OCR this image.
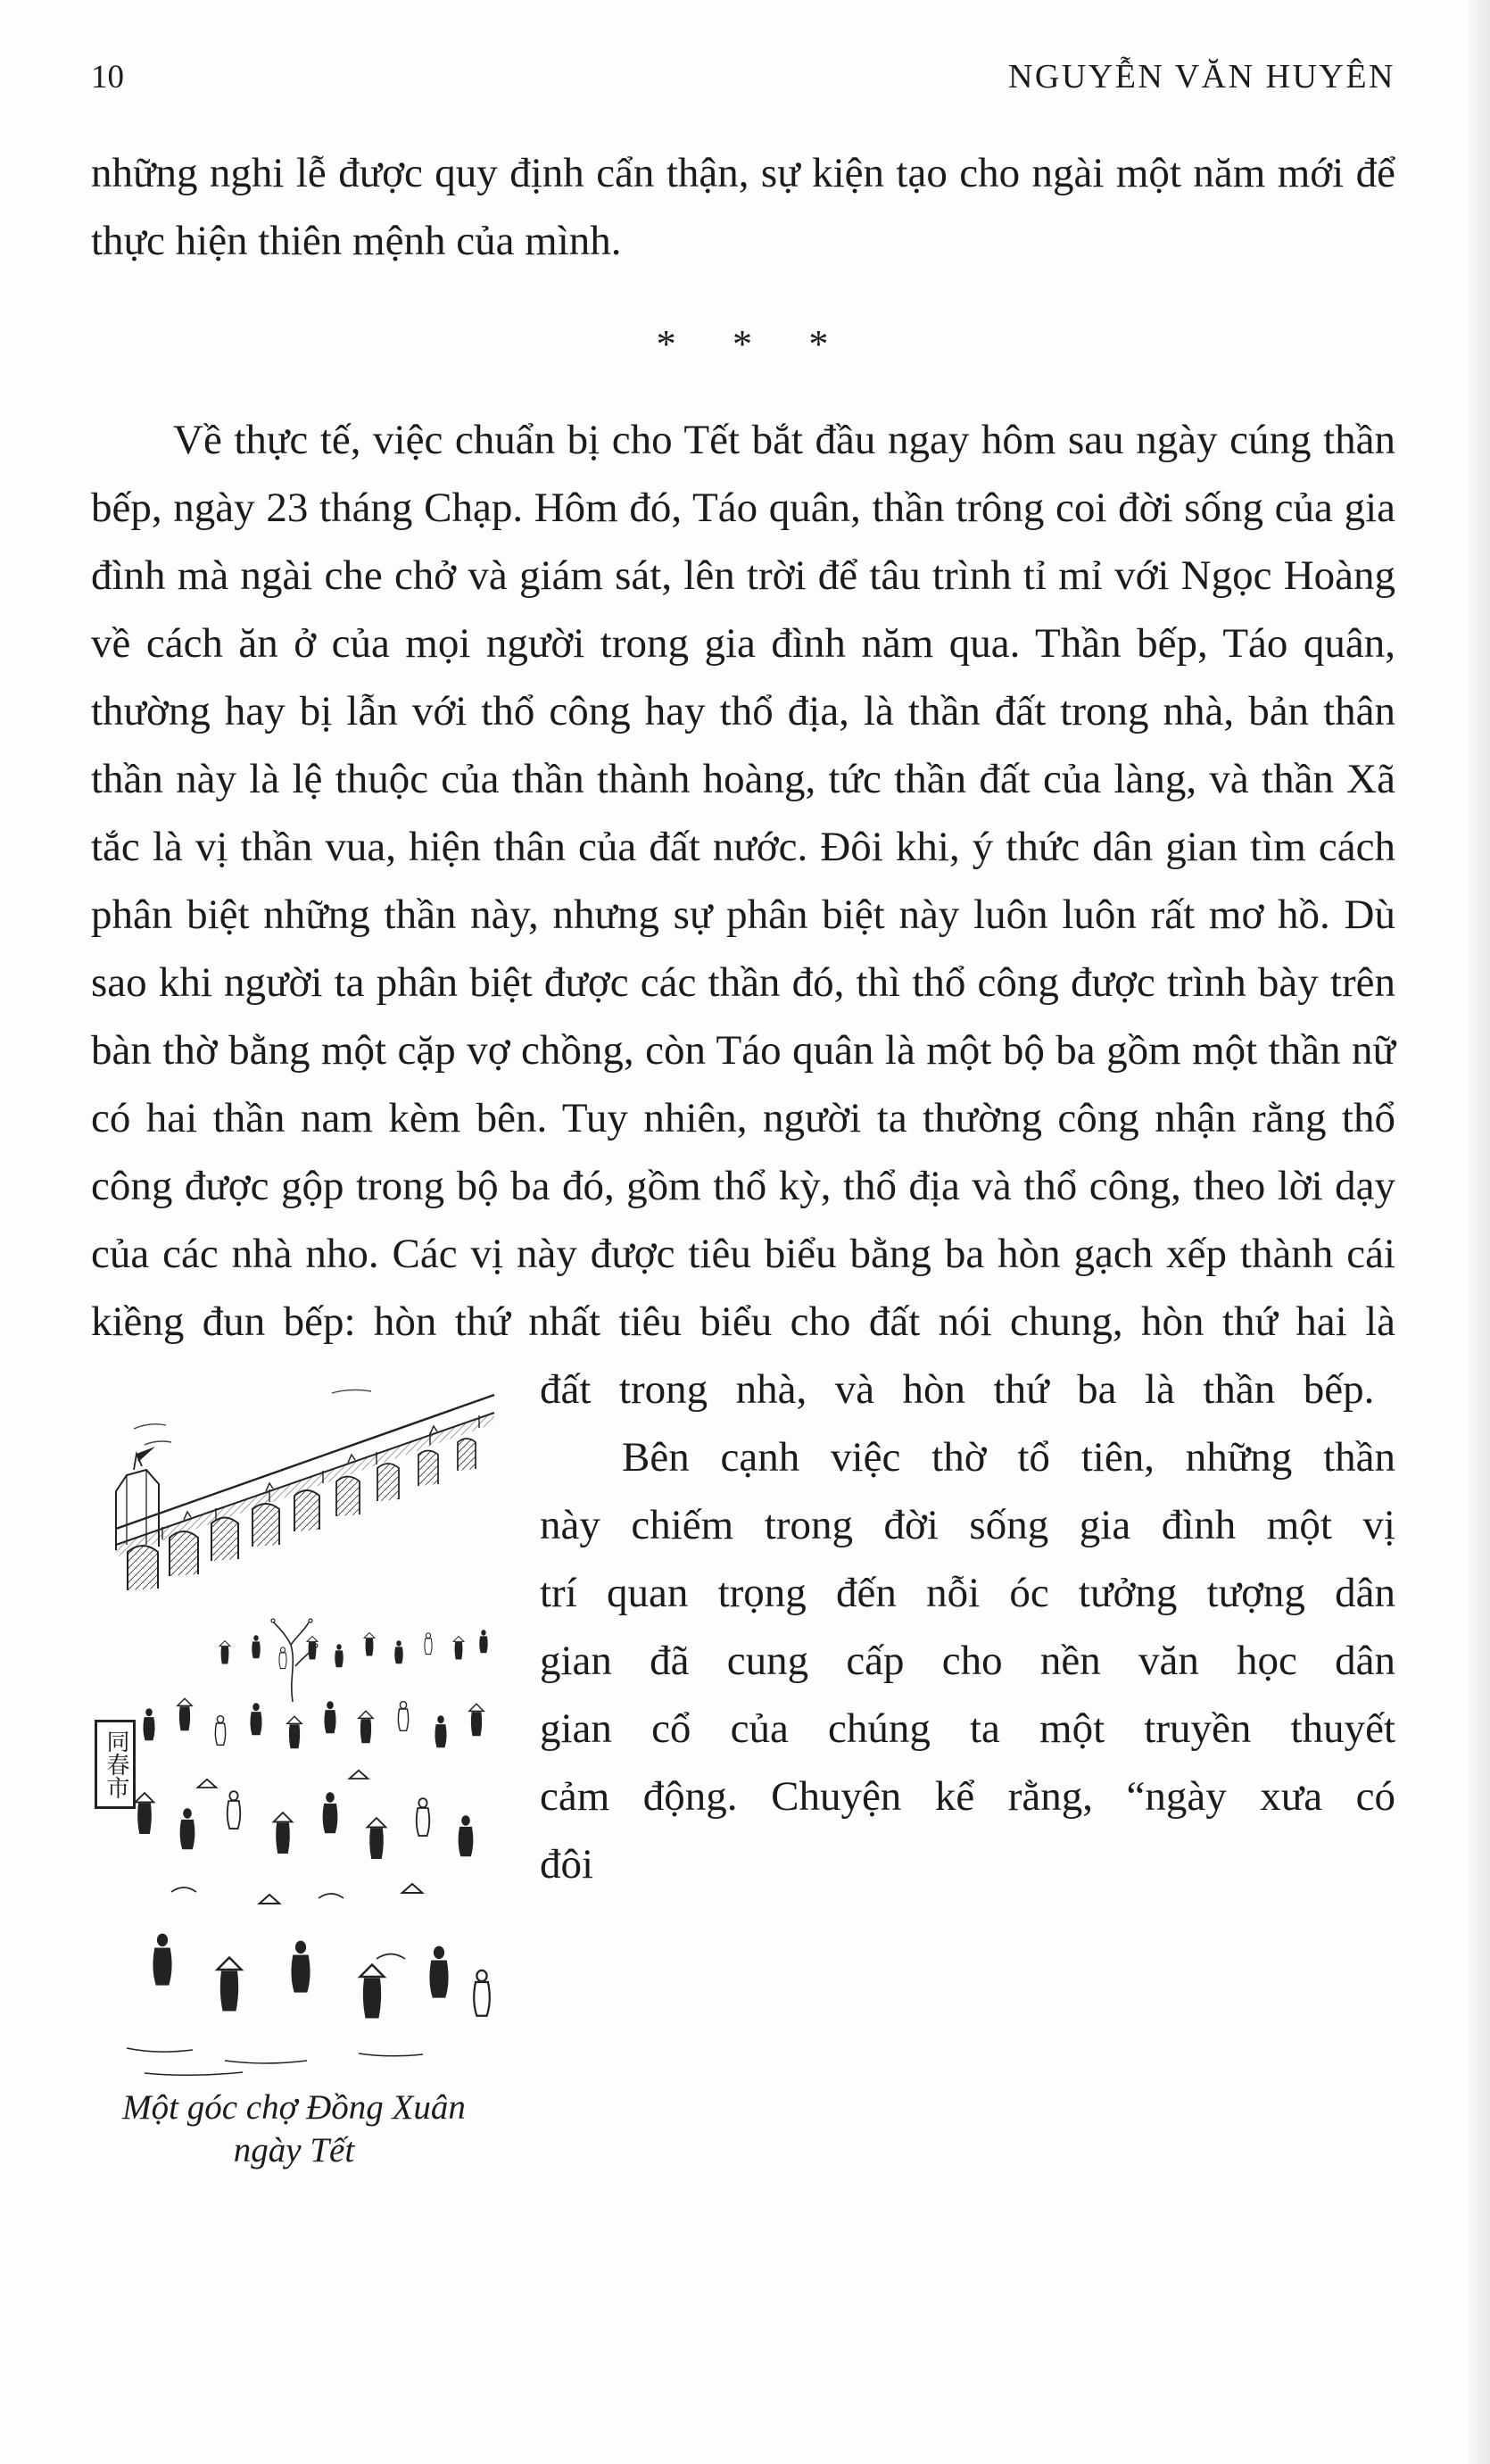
10	NGUYỄN VĂN HUYÊN

những nghi lễ được quy định cẩn thận, sự kiện tạo cho ngài một năm mới để thực hiện thiên mệnh của mình.

* * *

Về thực tế, việc chuẩn bị cho Tết bắt đầu ngay hôm sau ngày cúng thần bếp, ngày 23 tháng Chạp. Hôm đó, Táo quân, thần trông coi đời sống của gia đình mà ngài che chở và giám sát, lên trời để tâu trình tỉ mỉ với Ngọc Hoàng về cách ăn ở của mọi người trong gia đình năm qua. Thần bếp, Táo quân, thường hay bị lẫn với thổ công hay thổ địa, là thần đất trong nhà, bản thân thần này là lệ thuộc của thần thành hoàng, tức thần đất của làng, và thần Xã tắc là vị thần vua, hiện thân của đất nước. Đôi khi, ý thức dân gian tìm cách phân biệt những thần này, nhưng sự phân biệt này luôn luôn rất mơ hồ. Dù sao khi người ta phân biệt được các thần đó, thì thổ công được trình bày trên bàn thờ bằng một cặp vợ chồng, còn Táo quân là một bộ ba gồm một thần nữ có hai thần nam kèm bên. Tuy nhiên, người ta thường công nhận rằng thổ công được gộp trong bộ ba đó, gồm thổ kỳ, thổ địa và thổ công, theo lời dạy của các nhà nho. Các vị này được tiêu biểu bằng ba hòn gạch xếp thành cái kiềng đun bếp: hòn thứ nhất tiêu biểu cho đất nói chung, hòn thứ hai là

同春市
Một góc chợ Đồng Xuân ngày Tết

đất trong nhà, và hòn thứ ba là thần bếp.

Bên cạnh việc thờ tổ tiên, những thần này chiếm trong đời sống gia đình một vị trí quan trọng đến nỗi óc tưởng tượng dân gian đã cung cấp cho nền văn học dân gian cổ của chúng ta một truyền thuyết cảm động. Chuyện kể rằng, “ngày xưa có đôi
